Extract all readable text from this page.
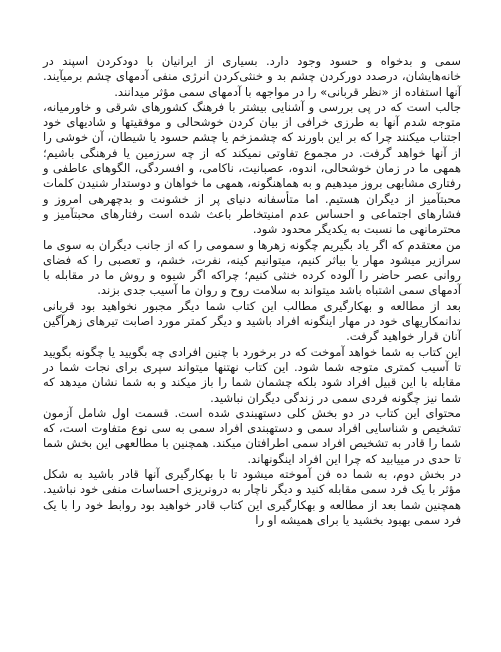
سمی و بدخواه و حسود وجود دارد. بسیاری از ایرانیان با دودکردن اسپند در خانه‌هایشان، درصدد دورکردن چشم بد و خنثی‌کردن انرژی منفی آدمهای چشم برمیآیند. آنها استفاده از «نظر قربانی» را در مواجهه با آدمهای سمی مؤثر میدانند.

جالب است که در پی بررسی و آشنایی بیشتر با فرهنگ کشورهای شرقی و خاورمیانه، متوجه شدم آنها به طرزی خرافی از بیان کردن خوشحالی و موفقیتها و شادیهای خود اجتناب میکنند چرا که بر این باورند که چشمزخم یا چشم حسود یا شیطان، آن خوشی را از آنها خواهد گرفت. در مجموع تفاوتی نمیکند که از چه سرزمین یا فرهنگی باشیم؛ همهی ما در زمان خوشحالی، اندوه، عصبانیت، ناکامی، و افسردگی، الگوهای عاطفی و رفتاری مشابهی بروز میدهیم و به هماهنگونه، همهی ما خواهان و دوستدار شنیدن کلمات محبتآمیز از دیگران هستیم. اما متأسفانه دنیای پر از خشونت و بدچهرهی امروز و فشارهای اجتماعی و احساس عدم امنیتخاطر باعث شده است رفتارهای محبتآمیز و محترمانهی ما نسبت به یکدیگر محدود شود.

من معتقدم که اگر یاد بگیریم چگونه زهرها و سمومی را که از جانب دیگران به سوی ما سرازیر میشود مهار یا بیاثر کنیم، میتوانیم کینه، نفرت، خشم، و تعصبی را که فضای روانی عصر حاضر را آلوده کرده خنثی کنیم؛ چراکه اگر شیوه و روش ما در مقابله با آدمهای سمی اشتباه باشد میتواند به سلامت روح و روان ما آسیب جدی بزند.

بعد از مطالعه و بهکارگیری مطالب این کتاب شما دیگر مجبور نخواهید بود قربانی ندانمکاریهای خود در مهار اینگونه افراد باشید و دیگر کمتر مورد اصابت تیرهای زهرآگین آنان قرار خواهید گرفت.

این کتاب به شما خواهد آموخت که در برخورد با چنین افرادی چه بگویید یا چگونه بگویید تا آسیب کمتری متوجه شما شود. این کتاب نهتنها میتواند سپری برای نجات شما در مقابله با این قبیل افراد شود بلکه چشمان شما را باز میکند و به شما نشان میدهد که شما نیز چگونه فردی سمی در زندگی دیگران نباشید.

محتوای این کتاب در دو بخش کلی دستهبندی شده است. قسمت اول شامل آزمون تشخیص و شناسایی افراد سمی و دستهبندی افراد سمی به سی نوع متفاوت است، که شما را قادر به تشخیص افراد سمی اطرافتان میکند. همچنین با مطالعهی این بخش شما تا حدی در مییابید که چرا این افراد اینگونهاند.

در بخش دوم، به شما ده فن آموخته میشود تا با بهکارگیری آنها قادر باشید به شکل مؤثر با یک فرد سمی مقابله کنید و دیگر ناچار به درونریزی احساسات منفی خود نباشید. همچنین شما بعد از مطالعه و بهکارگیری این کتاب قادر خواهید بود روابط خود را با یک فرد سمی بهبود بخشید یا برای همیشه او را
